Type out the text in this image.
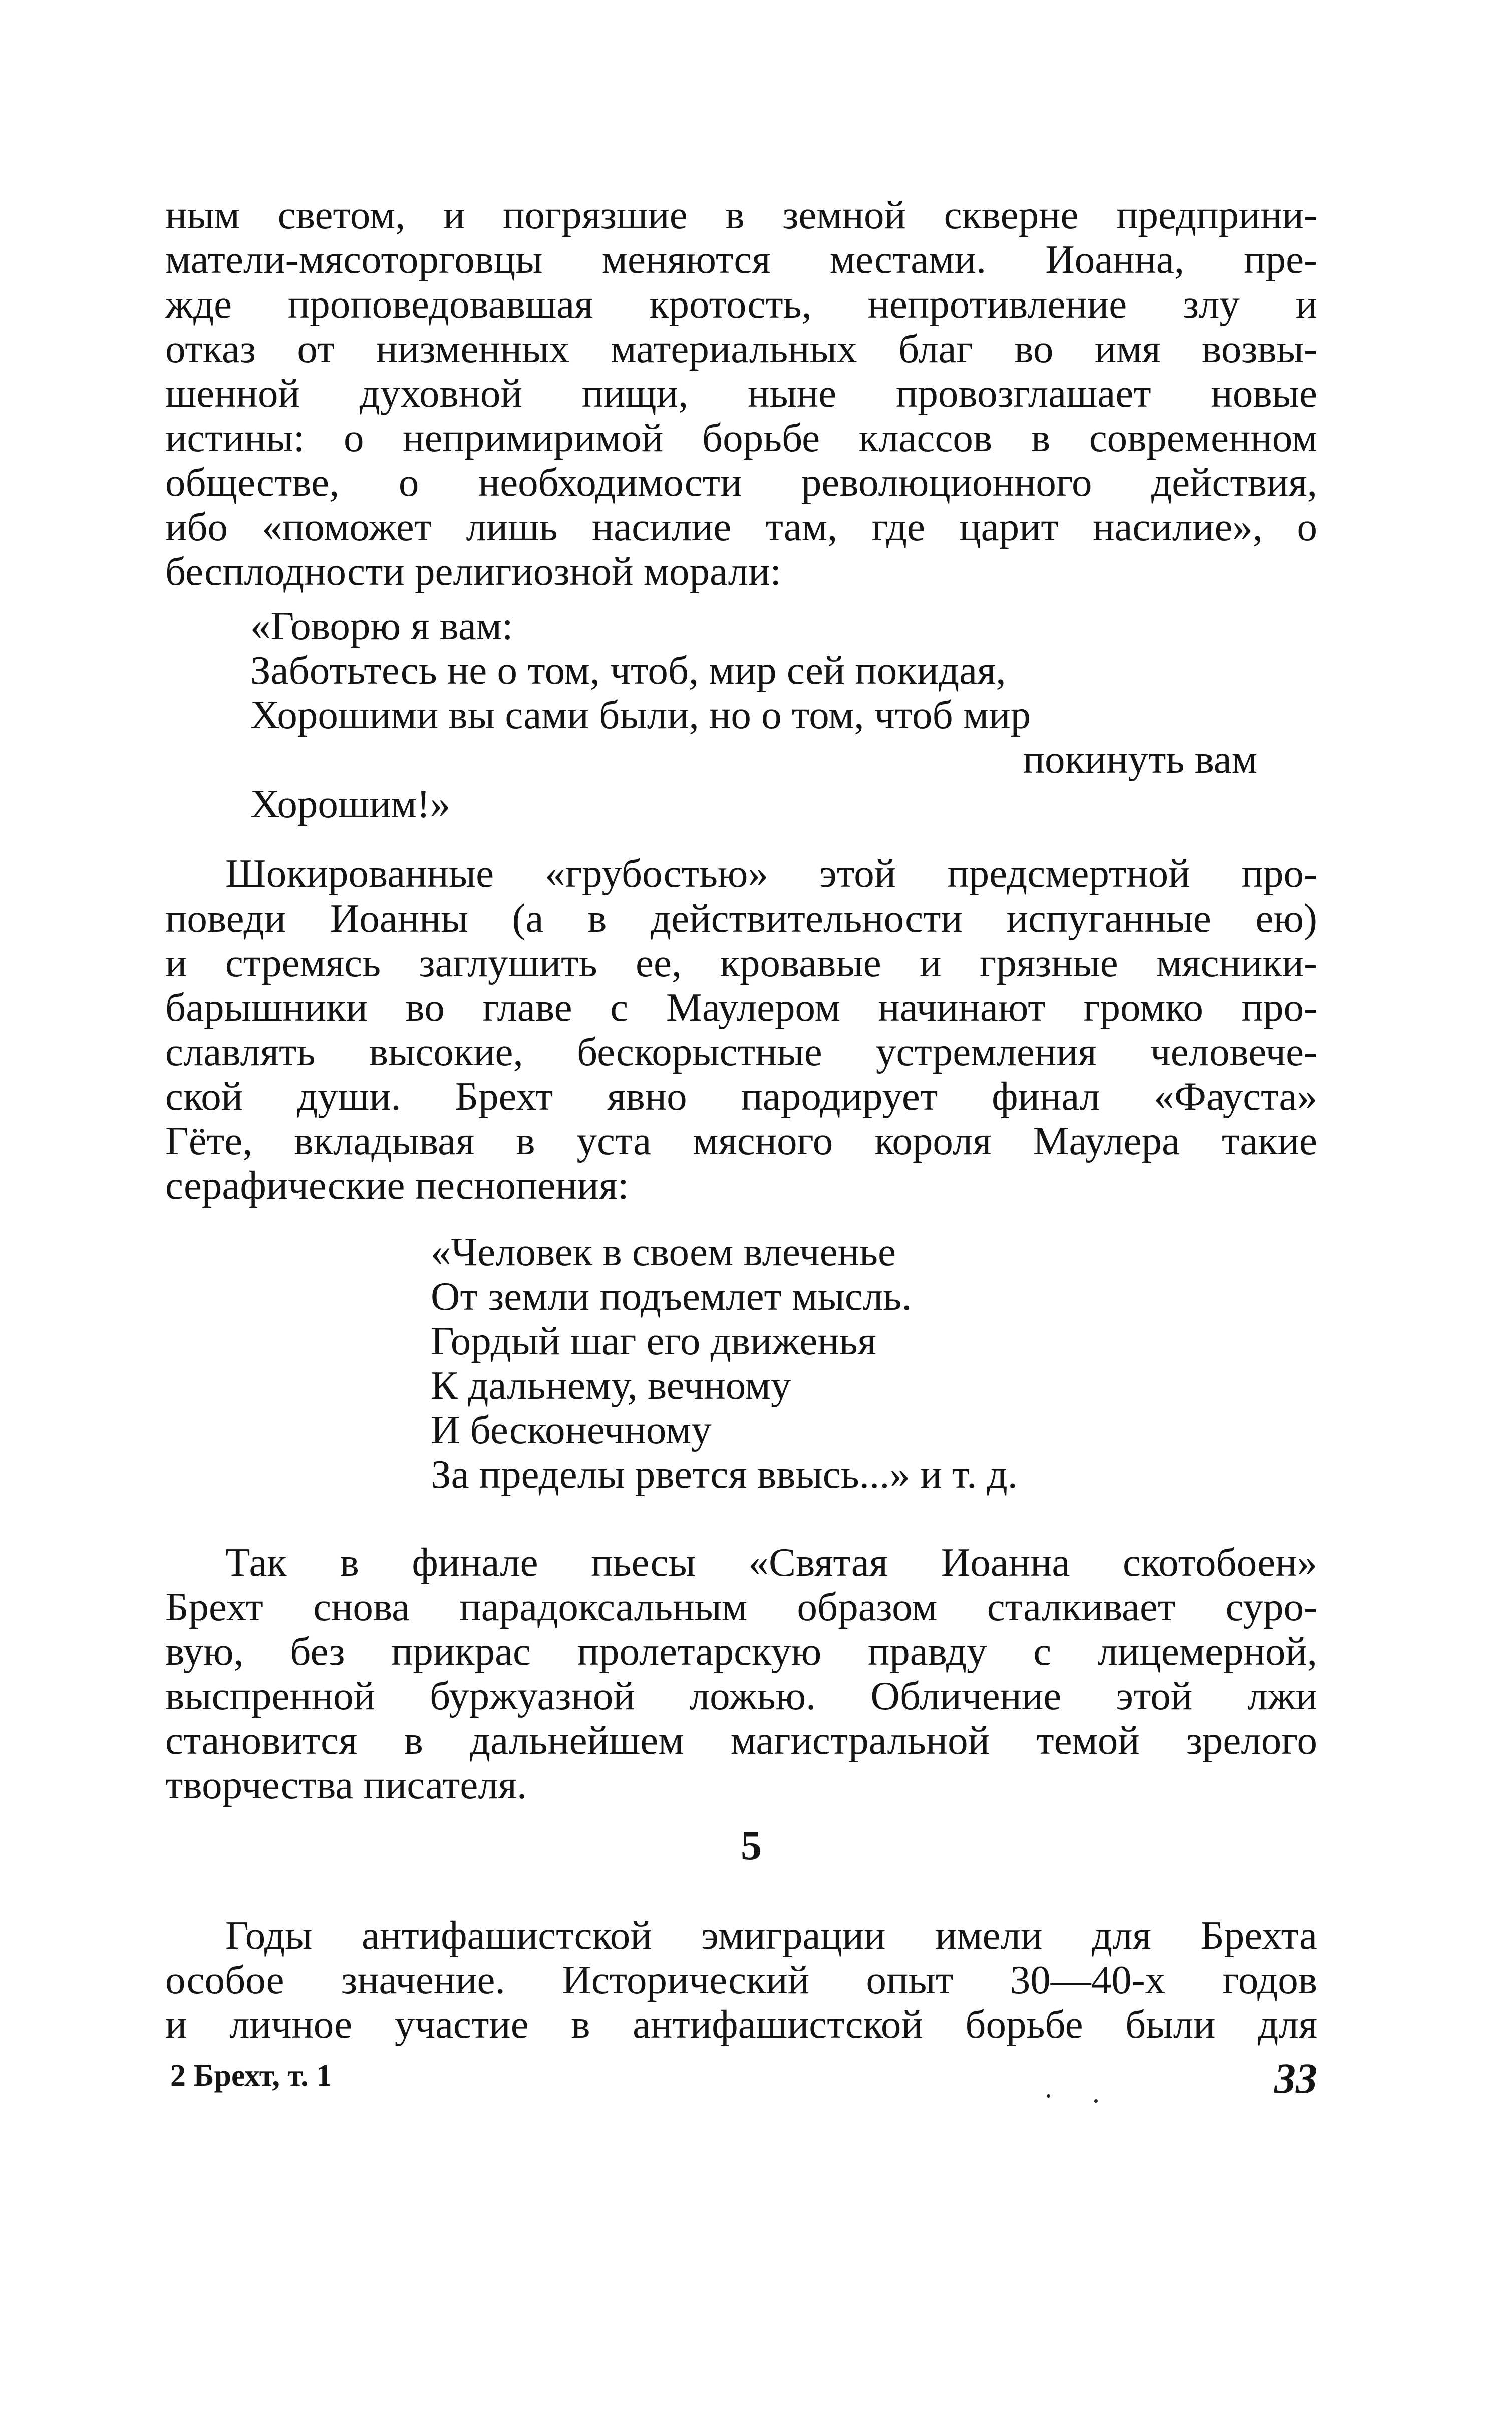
ным светом, и погрязшие в земной скверне предприни-
матели-мясоторговцы меняются местами. Иоанна, пре-
жде проповедовавшая кротость, непротивление злу и
отказ от низменных материальных благ во имя возвы-
шенной духовной пищи, ныне провозглашает новые
истины: о непримиримой борьбе классов в современном
обществе, о необходимости революционного действия,
ибо «поможет лишь насилие там, где царит насилие», о
бесплодности религиозной морали:
«Говорю я вам:
Заботьтесь не о том, чтоб, мир сей покидая,
Хорошими вы сами были, но о том, чтоб мир
покинуть вам
Хорошим!»
Шокированные «грубостью» этой предсмертной про-
поведи Иоанны (а в действительности испуганные ею)
и стремясь заглушить ее, кровавые и грязные мясники-
барышники во главе с Маулером начинают громко про-
славлять высокие, бескорыстные устремления человече-
ской души. Брехт явно пародирует финал «Фауста»
Гёте, вкладывая в уста мясного короля Маулера такие
серафические песнопения:
«Человек в своем влеченье
От земли подъемлет мысль.
Гордый шаг его движенья
К дальнему, вечному
И бесконечному
За пределы рвется ввысь...» и т. д.
Так в финале пьесы «Святая Иоанна скотобоен»
Брехт снова парадоксальным образом сталкивает суро-
вую, без прикрас пролетарскую правду с лицемерной,
выспренной буржуазной ложью. Обличение этой лжи
становится в дальнейшем магистральной темой зрелого
творчества писателя.
5
Годы антифашистской эмиграции имели для Брехта
особое значение. Исторический опыт 30—40-х годов
и личное участие в антифашистской борьбе были для
2 Брехт, т. 1	33
